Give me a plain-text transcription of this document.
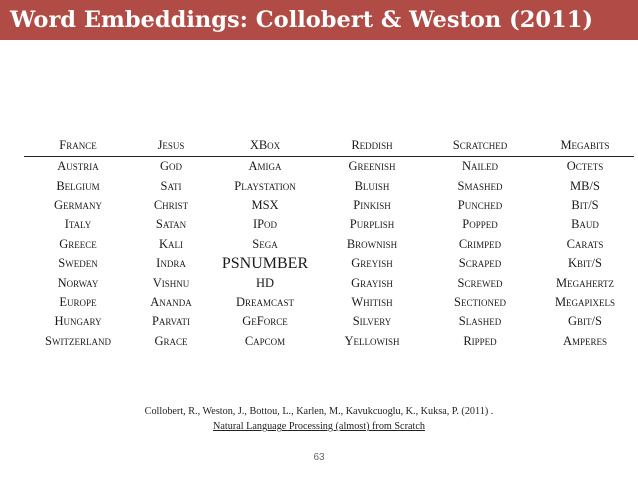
Word Embeddings: Collobert & Weston (2011)
France	Jesus	XBox	Reddish	Scratched	Megabits
Austria	God	Amiga	Greenish	Nailed	Octets
Belgium	Sati	Playstation	Bluish	Smashed	MB/S
Germany	Christ	MSX	Pinkish	Punched	Bit/S
Italy	Satan	IPod	Purplish	Popped	Baud
Greece	Kali	Sega	Brownish	Crimped	Carats
Sweden	Indra	PSNUMBER	Greyish	Scraped	Kbit/S
Norway	Vishnu	HD	Grayish	Screwed	Megahertz
Europe	Ananda	Dreamcast	Whitish	Sectioned	Megapixels
Hungary	Parvati	GeForce	Silvery	Slashed	Gbit/S
Switzerland	Grace	Capcom	Yellowish	Ripped	Amperes
Collobert, R., Weston, J., Bottou, L., Karlen, M., Kavukcuoglu, K., Kuksa, P. (2011) .
Natural Language Processing (almost) from Scratch
63
